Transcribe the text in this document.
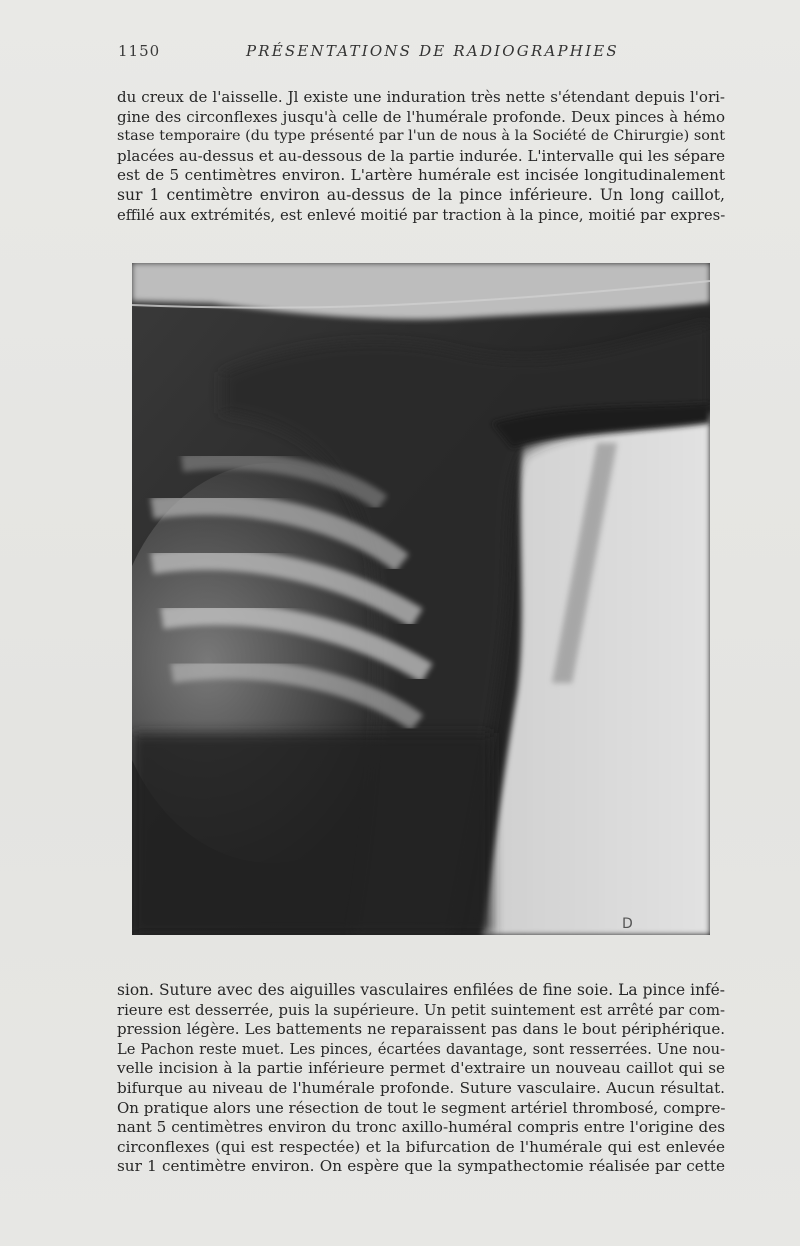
1150	PRÉSENTATIONS DE RADIOGRAPHIES
du creux de l'aisselle. Jl existe une induration très nette s'étendant depuis l'ori-
gine des circonflexes jusqu'à celle de l'humérale profonde. Deux pinces à hémo
stase temporaire (du type présenté par l'un de nous à la Société de Chirurgie) sont
placées au-dessus et au-dessous de la partie indurée. L'intervalle qui les sépare
est de 5 centimètres environ. L'artère humérale est incisée longitudinalement
sur 1 centimètre environ au-dessus de la pince inférieure. Un long caillot,
effilé aux extrémités, est enlevé moitié par traction à la pince, moitié par expres-
D
sion. Suture avec des aiguilles vasculaires enfilées de fine soie. La pince infé-
rieure est desserrée, puis la supérieure. Un petit suintement est arrêté par com-
pression légère. Les battements ne reparaissent pas dans le bout périphérique.
Le Pachon reste muet. Les pinces, écartées davantage, sont resserrées. Une nou-
velle incision à la partie inférieure permet d'extraire un nouveau caillot qui se
bifurque au niveau de l'humérale profonde. Suture vasculaire. Aucun résultat.
On pratique alors une résection de tout le segment artériel thrombosé, compre-
nant 5 centimètres environ du tronc axillo-huméral compris entre l'origine des
circonflexes (qui est respectée) et la bifurcation de l'humérale qui est enlevée
sur 1 centimètre environ. On espère que la sympathectomie réalisée par cette
